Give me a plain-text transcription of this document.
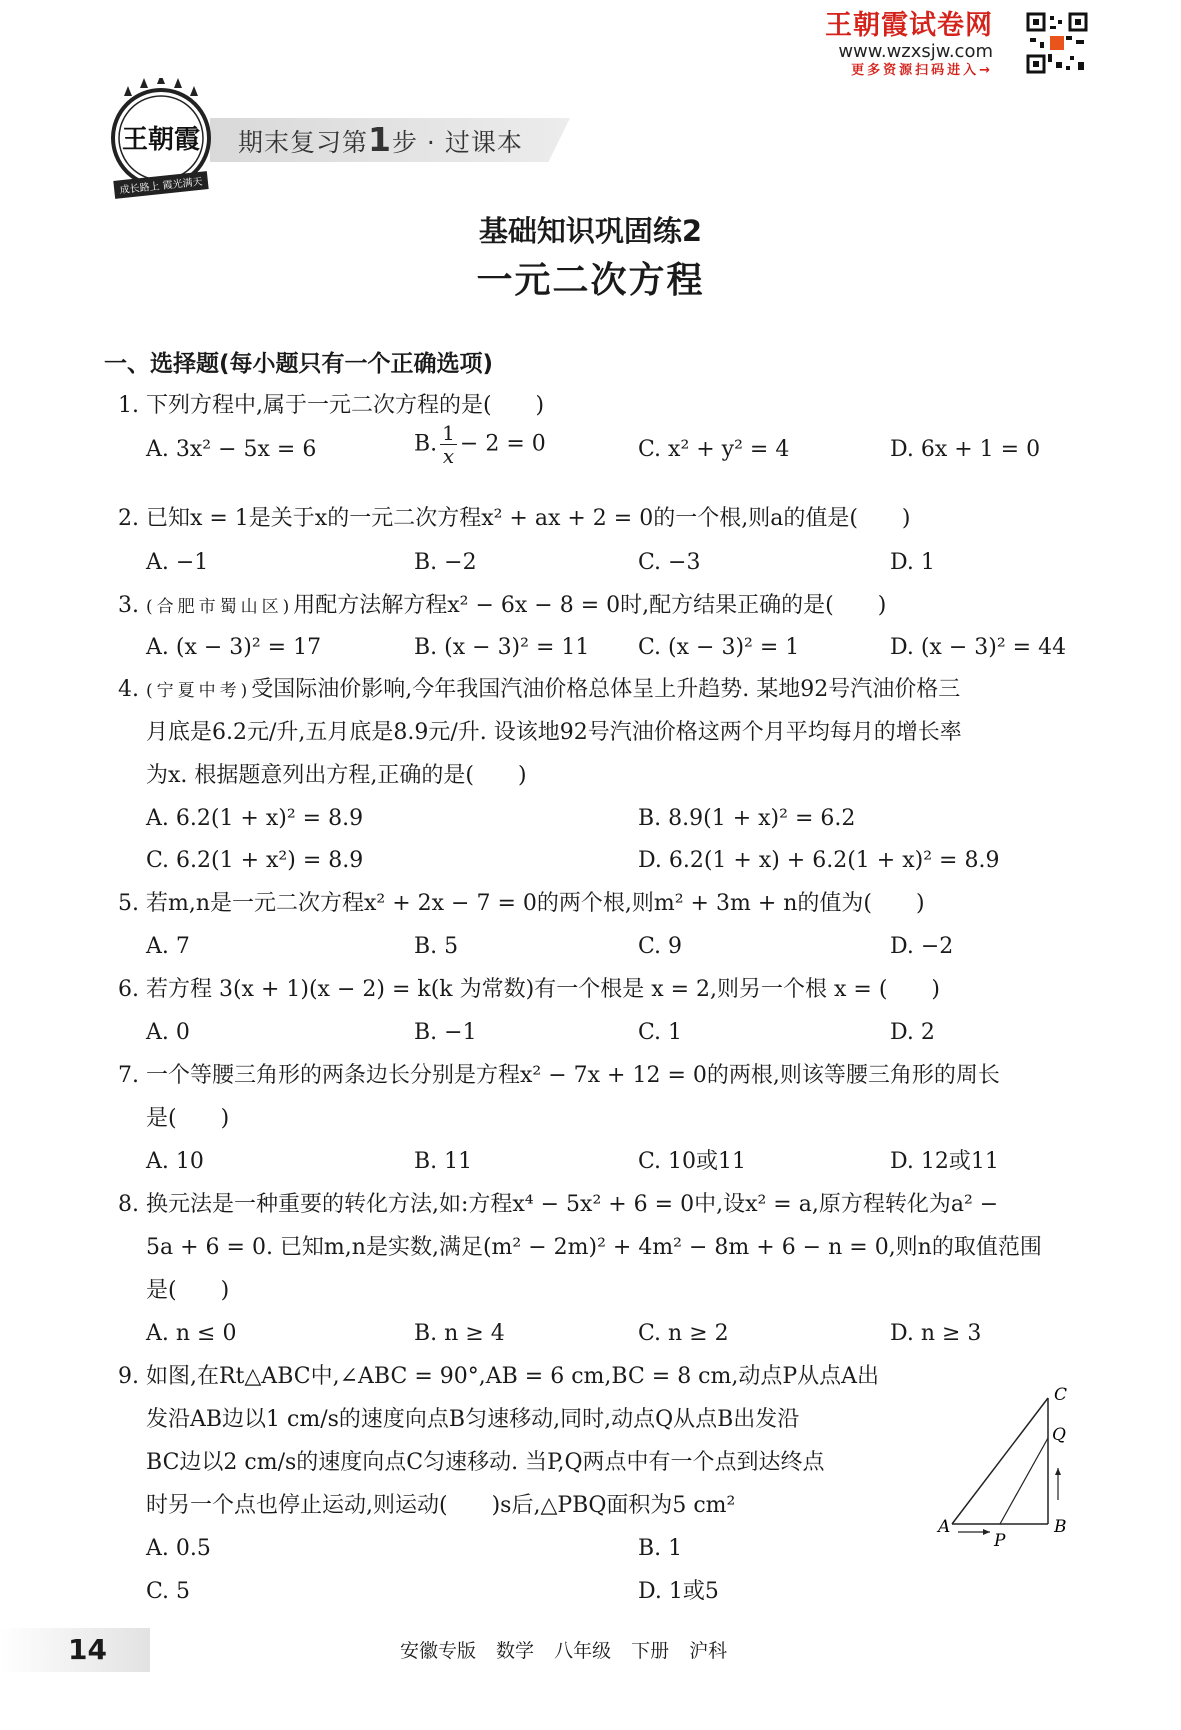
王朝霞试卷网
www.wzxsjw.com
更多资源扫码进入→
期末复习第1步 · 过课本
王朝霞
成长路上 霞光满天
基础知识巩固练2
一元二次方程
一、选择题(每小题只有一个正确选项)
1. 下列方程中,属于一元二次方程的是(　　)
A. 3x² − 5x = 6	B. $\frac{1}{x} - 2 = 0$	C. x² + y² = 4	D. 6x + 1 = 0
2. 已知x = 1是关于x的一元二次方程x² + ax + 2 = 0的一个根,则a的值是(　　)
A. −1	B. −2	C. −3	D. 1
3. (合肥市蜀山区)用配方法解方程x² − 6x − 8 = 0时,配方结果正确的是(　　)
A. (x − 3)² = 17	B. (x − 3)² = 11 C. (x − 3)² = 1	D. (x − 3)² = 44
4. (宁夏中考)受国际油价影响,今年我国汽油价格总体呈上升趋势. 某地92号汽油价格三
月底是6.2元/升,五月底是8.9元/升. 设该地92号汽油价格这两个月平均每月的增长率
为x. 根据题意列出方程,正确的是(　　)
A. 6.2(1 + x)² = 8.9	B. 8.9(1 + x)² = 6.2
C. 6.2(1 + x²) = 8.9	D. 6.2(1 + x) + 6.2(1 + x)² = 8.9
5. 若m,n是一元二次方程x² + 2x − 7 = 0的两个根,则m² + 3m + n的值为(　　)
A. 7	B. 5	C. 9	D. −2
6. 若方程 3(x + 1)(x − 2) = k(k 为常数)有一个根是 x = 2,则另一个根 x = (　　)
A. 0	B. −1	C. 1	D. 2
7. 一个等腰三角形的两条边长分别是方程x² − 7x + 12 = 0的两根,则该等腰三角形的周长
是(　　)
A. 10	B. 11	C. 10或11	D. 12或11
8. 换元法是一种重要的转化方法,如:方程x⁴ − 5x² + 6 = 0中,设x² = a,原方程转化为a² −
5a + 6 = 0. 已知m,n是实数,满足(m² − 2m)² + 4m² − 8m + 6 − n = 0,则n的取值范围
是(　　)
A. n ≤ 0	B. n ≥ 4	C. n ≥ 2	D. n ≥ 3
9. 如图,在Rt△ABC中,∠ABC = 90°,AB = 6 cm,BC = 8 cm,动点P从点A出
发沿AB边以1 cm/s的速度向点B匀速移动,同时,动点Q从点B出发沿
BC边以2 cm/s的速度向点C匀速移动. 当P,Q两点中有一个点到达终点
时另一个点也停止运动,则运动(　　)s后,△PBQ面积为5 cm²
A. 0.5	B. 1
C. 5	D. 1或5
A	B
C
P
Q
14	安徽专版 数学 八年级 下册 沪科
